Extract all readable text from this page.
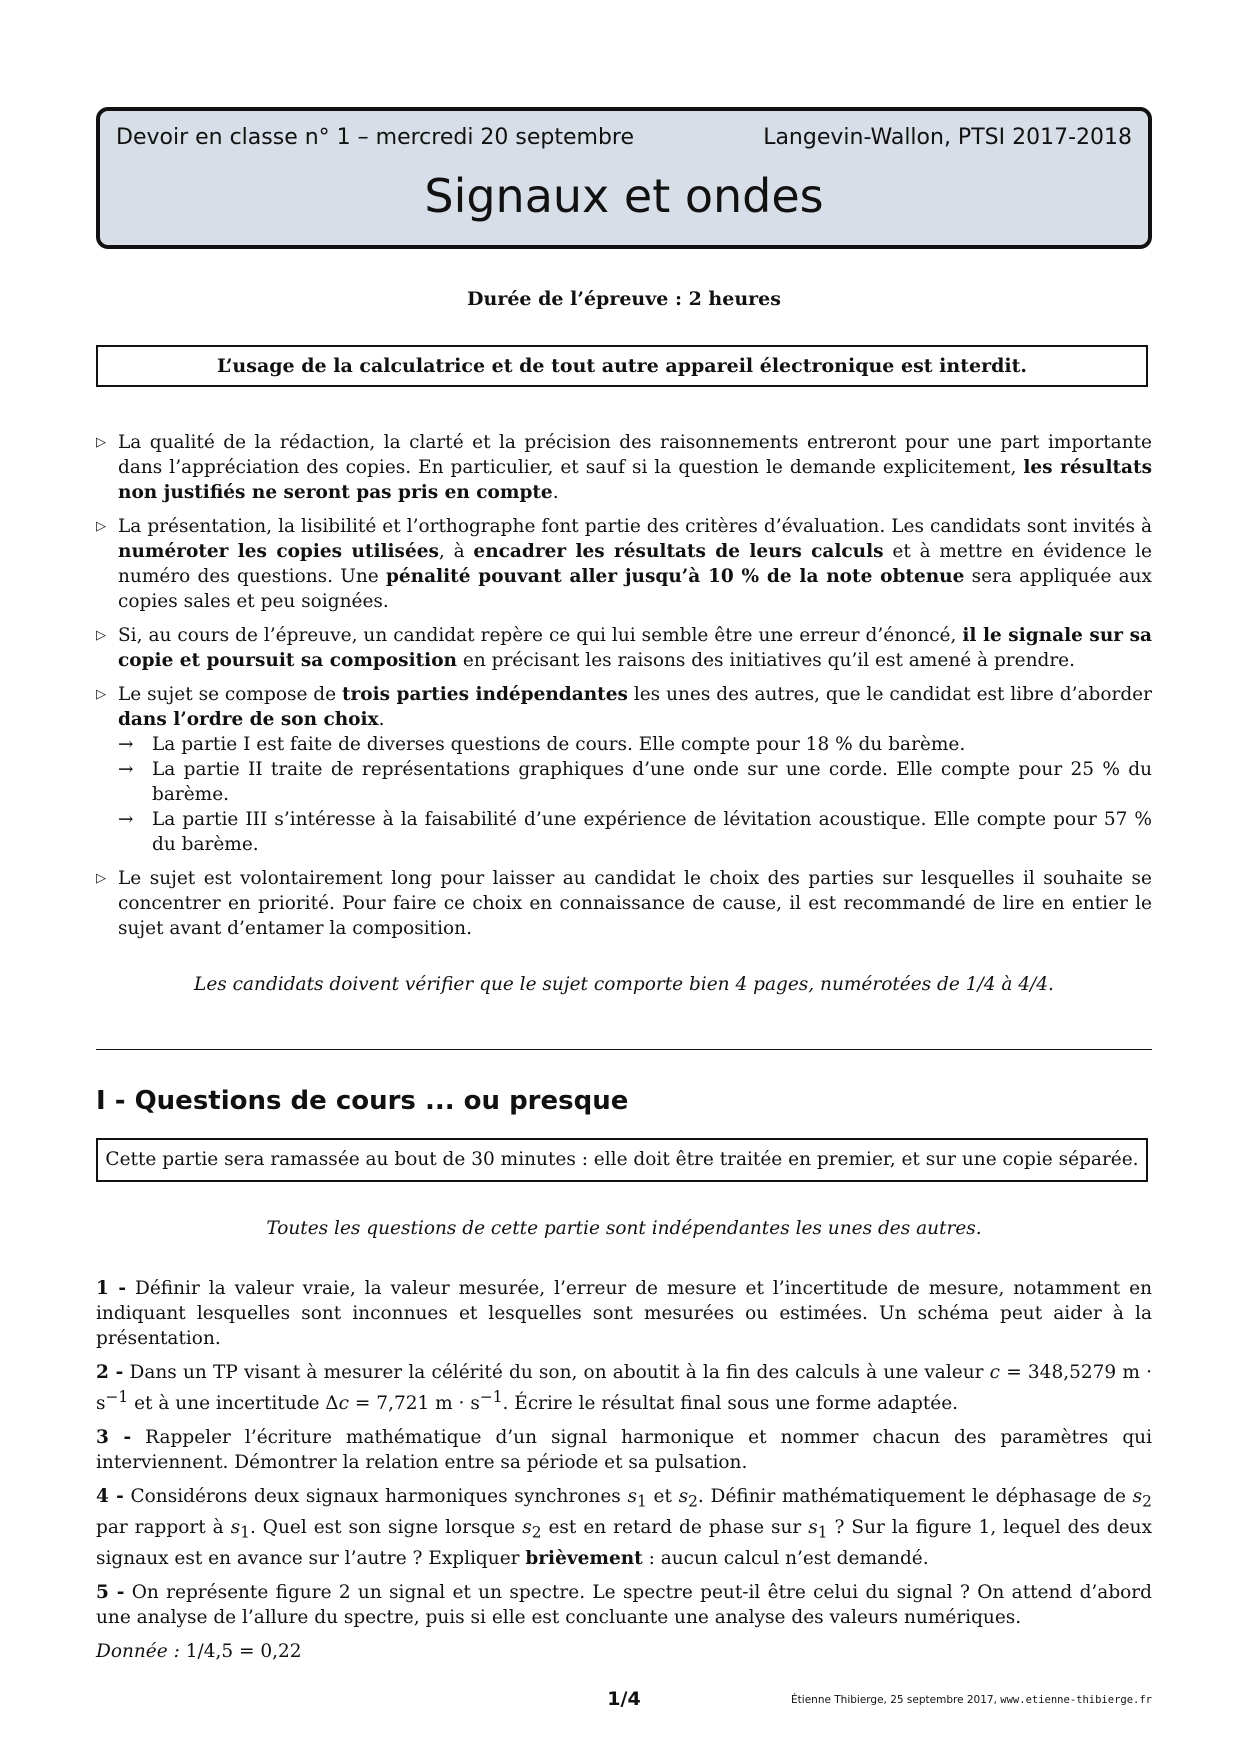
Devoir en classe n° 1 – mercredi 20 septembre	Langevin-Wallon, PTSI 2017-2018
Signaux et ondes
Durée de l’épreuve : 2 heures
L’usage de la calculatrice et de tout autre appareil électronique est interdit.
▷ La qualité de la rédaction, la clarté et la précision des raisonnements entreront pour une part importante dans l’appréciation des copies. En particulier, et sauf si la question le demande explicitement, les résultats non justifiés ne seront pas pris en compte.
▷ La présentation, la lisibilité et l’orthographe font partie des critères d’évaluation. Les candidats sont invités à numéroter les copies utilisées, à encadrer les résultats de leurs calculs et à mettre en évidence le numéro des questions. Une pénalité pouvant aller jusqu’à 10 % de la note obtenue sera appliquée aux copies sales et peu soignées.
▷ Si, au cours de l’épreuve, un candidat repère ce qui lui semble être une erreur d’énoncé, il le signale sur sa copie et poursuit sa composition en précisant les raisons des initiatives qu’il est amené à prendre.
▷ Le sujet se compose de trois parties indépendantes les unes des autres, que le candidat est libre d’aborder dans l’ordre de son choix.
→ La partie I est faite de diverses questions de cours. Elle compte pour 18 % du barème.
→ La partie II traite de représentations graphiques d’une onde sur une corde. Elle compte pour 25 % du barème.
→ La partie III s’intéresse à la faisabilité d’une expérience de lévitation acoustique. Elle compte pour 57 % du barème.
▷ Le sujet est volontairement long pour laisser au candidat le choix des parties sur lesquelles il souhaite se concentrer en priorité. Pour faire ce choix en connaissance de cause, il est recommandé de lire en entier le sujet avant d’entamer la composition.
Les candidats doivent vérifier que le sujet comporte bien 4 pages, numérotées de 1/4 à 4/4.
I - Questions de cours ... ou presque
Cette partie sera ramassée au bout de 30 minutes : elle doit être traitée en premier, et sur une copie séparée.
Toutes les questions de cette partie sont indépendantes les unes des autres.
1 - Définir la valeur vraie, la valeur mesurée, l’erreur de mesure et l’incertitude de mesure, notamment en indiquant lesquelles sont inconnues et lesquelles sont mesurées ou estimées. Un schéma peut aider à la présentation.
2 - Dans un TP visant à mesurer la célérité du son, on aboutit à la fin des calculs à une valeur c = 348,5279 $m \cdot s^{-1}$ et à une incertitude Δc = 7,721 $m \cdot s^{-1}$. Écrire le résultat final sous une forme adaptée.
3 - Rappeler l’écriture mathématique d’un signal harmonique et nommer chacun des paramètres qui interviennent. Démontrer la relation entre sa période et sa pulsation.
4 - Considérons deux signaux harmoniques synchrones $s_1$ et $s_2$. Définir mathématiquement le déphasage de $s_2$ par rapport à $s_1$. Quel est son signe lorsque $s_2$ est en retard de phase sur $s_1$ ? Sur la figure 1, lequel des deux signaux est en avance sur l’autre ? Expliquer brièvement : aucun calcul n’est demandé.
5 - On représente figure 2 un signal et un spectre. Le spectre peut-il être celui du signal ? On attend d’abord une analyse de l’allure du spectre, puis si elle est concluante une analyse des valeurs numériques.
Donnée : 1/4,5 = 0,22
1/4	Étienne Thibierge, 25 septembre 2017, www.etienne-thibierge.fr
